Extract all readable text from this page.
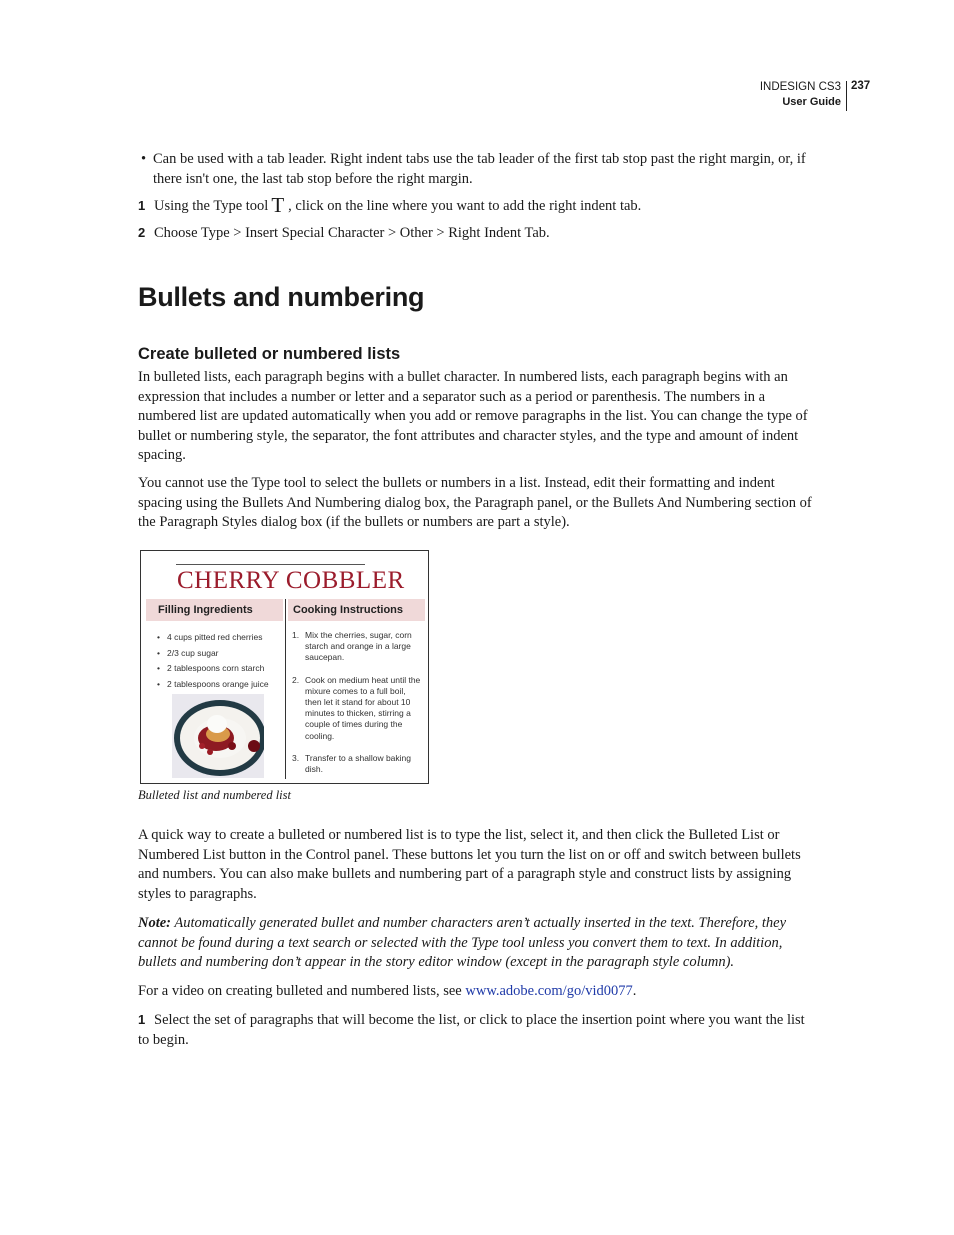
INDESIGN CS3
User Guide
237
• Can be used with a tab leader. Right indent tabs use the tab leader of the first tab stop past the right margin, or, if there isn't one, the last tab stop before the right margin.
1 Using the Type tool T , click on the line where you want to add the right indent tab.
2 Choose Type > Insert Special Character > Other > Right Indent Tab.
Bullets and numbering
Create bulleted or numbered lists
In bulleted lists, each paragraph begins with a bullet character. In numbered lists, each paragraph begins with an expression that includes a number or letter and a separator such as a period or parenthesis. The numbers in a numbered list are updated automatically when you add or remove paragraphs in the list. You can change the type of bullet or numbering style, the separator, the font attributes and character styles, and the type and amount of indent spacing.
You cannot use the Type tool to select the bullets or numbers in a list. Instead, edit their formatting and indent spacing using the Bullets And Numbering dialog box, the Paragraph panel, or the Bullets And Numbering section of the Paragraph Styles dialog box (if the bullets or numbers are part a style).
CHERRY COBBLER
Filling Ingredients	Cooking Instructions
• 4 cups pitted red cherries
• 2/3 cup sugar
• 2 tablespoons corn starch
• 2 tablespoons orange juice
1. Mix the cherries, sugar, corn starch and orange in a large saucepan.
2. Cook on medium heat until the mixure comes to a full boil, then let it stand for about 10 minutes to thicken, stirring a couple of times during the cooling.
3. Transfer to a shallow baking dish.
Bulleted list and numbered list
A quick way to create a bulleted or numbered list is to type the list, select it, and then click the Bulleted List or Numbered List button in the Control panel. These buttons let you turn the list on or off and switch between bullets and numbers. You can also make bullets and numbering part of a paragraph style and construct lists by assigning styles to paragraphs.
Note: Automatically generated bullet and number characters aren’t actually inserted in the text. Therefore, they cannot be found during a text search or selected with the Type tool unless you convert them to text. In addition, bullets and numbering don’t appear in the story editor window (except in the paragraph style column).
For a video on creating bulleted and numbered lists, see www.adobe.com/go/vid0077.
1 Select the set of paragraphs that will become the list, or click to place the insertion point where you want the list to begin.
